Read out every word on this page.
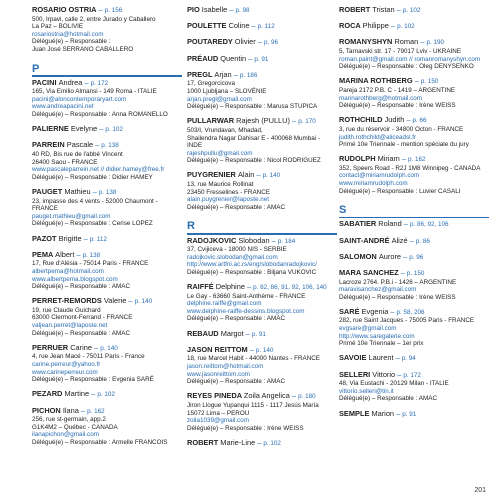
ROSARIO OSTRIA – p. 156
500, Irpavi, calle 2, entre Jurado y Caballero
La Paz – BOLIVIE
rosariostria@hotmail.com
Délégué(e) – Responsable :
Juan José SERRANO CABALLERO
P
PACINI Andrea – p. 172
165, Via Emilio Almansi - 149 Roma - ITALIE
pacini@aloncontemporaryart.com
www.andreapacini.net
Délégué(e) – Responsable : Anna ROMANELLO
PALIERNE Evelyne – p. 102
PARREIN Pascale – p. 138
40 RD, Bis rue de l'abbé Vincent
26400 Saou - FRANCE
www.pascaleparrein.net // didier.hamey@free.fr
Délégué(e) – Responsable : Didier HAMEY
PAUGET Mathieu – p. 138
23, impasse des 4 vents - 52000 Chaumont - FRANCE
pauget.mathieu@gmail.com
Délégué(e) – Responsable : Cerise LOPEZ
PAZOT Brigitte – p. 112
PEMA Albert – p. 138
17, Rue d'Alésia - 75014 Paris - FRANCE
albertpema@hotmail.com
www.albertpema.blogspot.com
Délégué(e) – Responsable : AMAC
PERRET-REMORDS Valerie – p. 140
19, rue Claude Guichard
63000 Clermont-Ferrand - FRANCE
valjean.perret@laposte.net
Délégué(e) – Responsable : AMAC
PERRUER Carine – p. 140
4, rue Jean Macé - 75011 Paris - France
carine.perreur@yahoo.fr
www.carineperreur.com
Délégué(e) – Responsable : Evgenia SARÉ
PEZARD Martine – p. 102
PICHON Ilana – p. 162
256, rue st-germain, app.2
G1K4M2 – Québec - CANADA
ilanapichon@gmail.com
Délégué(e) – Responsable : Armelle FRANCOIS
PIO Isabelle – p. 98
POULETTE Coline – p. 112
POUTAREDY Olivier – p. 96
PRÉAUD Quentin – p. 91
PREGL Arjan – p. 186
17, Gregorcicova
1000 Ljubljana – SLOVÉNIE
arjan.pregl@gmail.com
Délégué(e) – Responsable : Marusa STUPICA
PULLARWAR Rajesh (PULLU) – p. 170
503/I, Vrundavan, Mhadad,
Shailendra Nagar Dahisar E - 400068 Mumbai - INDE
rajeshpullu@gmail.com
Délégué(e) – Responsable : Nicol RODRIGUEZ
PUYGRENIER Alain – p. 140
13, rue Maurice Rollinat
23450 Fresselines - FRANCE
alain.puygrenier@laposte.net
Délégué(e) – Responsable : AMAC
R
RADOJKOVIC Slobodan – p. 184
37, Cvijiceva - 18000 NIS - SERBIE
radojkovic.slobodan@gmail.com
http://www.artfni.ac.rs/eng/slobodanradojkovic/
Délégué(e) – Responsable : Biljana VUKOVIC
RAIFFÉ Delphine – p. 82, 86, 91, 92, 106, 140
Le Gay - 63660 Saint-Anthème - FRANCE
delphine.raiffe@gmail.com
www.delphine-raiffe-dessins.blogspot.com
Délégué(e) – Responsable : AMAC
REBAUD Margot – p. 91
JASON REITTOM – p. 140
18, rue Marcel Habit - 44000 Nantes - FRANCE
jason.reittom@hotmail.com
www.jasonreittom.com
Délégué(e) – Responsable : AMAC
REYES PINEDA Zoila Angelica – p. 180
Jiron Llogue Yupanqui 1115 - 1117 Jesús María
15072 Lima – PEROU
zoila1039@gmail.com
Délégué(e) – Responsable : Irène WEISS
ROBERT Marie-Line – p. 102
ROBERT Tristan – p. 102
ROCA Philippe – p. 102
ROMANYSHYN Roman – p. 190
5, Tarnavski str. 17 - 79017 Lviv - UKRAINE
roman.paint@gmail.com // romanromanyshyn.com
Délégué(e) – Responsable : Oleg DENYSENKO
MARINA ROTHBERG – p. 150
Pareja 2172 P.B. C - 1419 – ARGENTINE
marinarothberg@hotmail.com
Délégué(e) – Responsable : Irène WEISS
ROTHCHILD Judith – p. 66
3, rue du réservoir - 34800 Octon - FRANCE
judith.rothchild@aliceadsl.fr
Primé 10e Triennale - mention spéciale du jury
RUDOLPH Miriam – p. 162
352, Speers Road - R2J 1M8 Winnipeg - CANADA
contact@miriamrudolph.com
www.miriamrudolph.com
Délégué(e) – Responsable : Luvier CASALI
S
SABATIER Roland – p. 86, 92, 106
SAINT-ANDRÉ Alizé – p. 86
SALOMON Aurore – p. 96
MARA SANCHEZ – p. 150
Lacroze 2764. P.B.i - 1426 – ARGENTINE
maravisanchez@gmail.com
Délégué(e) – Responsable : Irène WEISS
SARÉ Evgenia – p. 58, 206
282, rue Saint Jacques - 75005 Paris - FRANCE
evgsare@gmail.com
http://www.saregalerie.com
Primé 10e Triennale – 1er prix
SAVOIE Laurent – p. 94
SELLERI Vittorio – p. 172
48, Via Eustachi - 20129 Milan - ITALIE
vittorio.selleri@tin.it
Délégué(e) – Responsable : AMAC
SEMPLE Marion – p. 91
201
